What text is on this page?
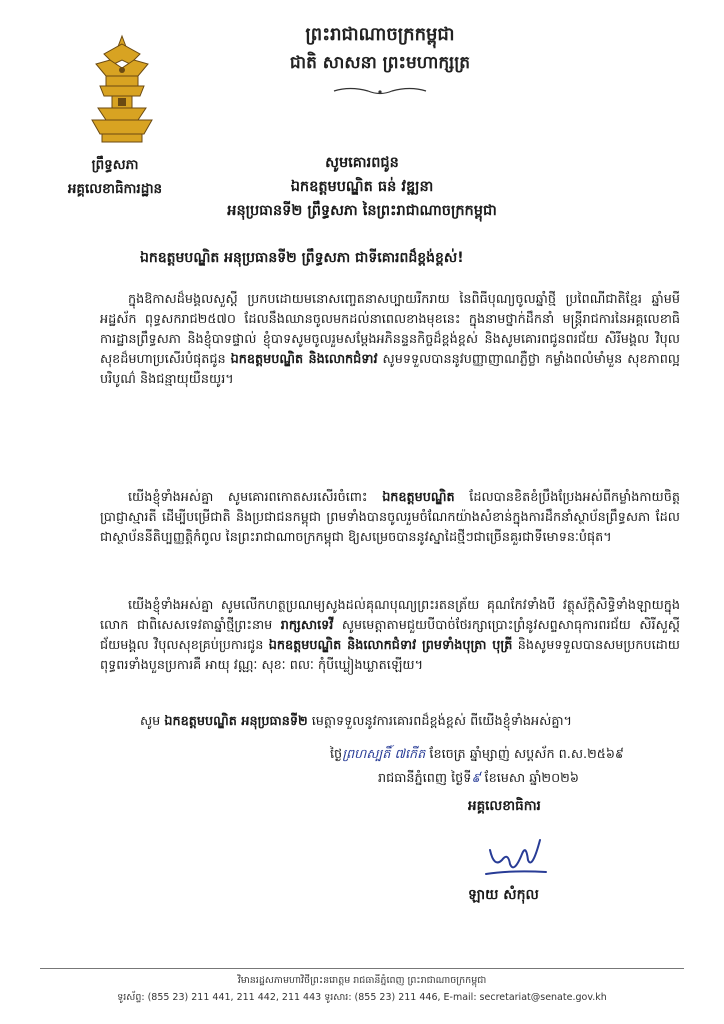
ព្រះរាជាណាចក្រកម្ពុជា
ជាតិ សាសនា ព្រះមហាក្សត្រ
ព្រឹទ្ធសភា
អគ្គលេខាធិការដ្ឋាន
សូមគោរពជូន
ឯកឧត្តមបណ្ឌិត ធន់ វឌ្ឍនា
អនុប្រធានទី២ ព្រឹទ្ធសភា នៃព្រះរាជាណាចក្រកម្ពុជា
ឯកឧត្តមបណ្ឌិត អនុប្រធានទី២ ព្រឹទ្ធសភា ជាទីគោរពដ៏ខ្ពង់ខ្ពស់!
ក្នុងឱកាសដ៏មង្គលសួស្តី ប្រកបដោយមនោសញ្ចេតនាសប្បាយរីករាយ នៃពិធីបុណ្យចូលឆ្នាំថ្មី ប្រពៃណីជាតិខ្មែរ ឆ្នាំមមី អដ្ឋស័ក ពុទ្ធសករាជ២៥៧០ ដែលនឹងឈានចូលមកដល់នាពេលខាងមុខនេះ ក្នុងនាមថ្នាក់ដឹកនាំ មន្ត្រីរាជការនៃអគ្គលេខាធិការដ្ឋានព្រឹទ្ធសភា និងខ្ញុំបាទផ្ទាល់ ខ្ញុំបាទសូមចូលរួមសម្តែងអភិនន្ទនកិច្ចដ៏ខ្ពង់ខ្ពស់ និងសូមគោរពជូនពរជ័យ សិរីមង្គល វិបុលសុខដ៏មហាប្រសើរបំផុតជូន ឯកឧត្តមបណ្ឌិត និងលោកជំទាវ សូមទទួលបាននូវបញ្ញាញាណភ្លឺថ្លា កម្លាំងពលំមាំមួន សុខភាពល្អបរិបូណ៌ និងជន្មាយុយឺនយូរ។
យើងខ្ញុំទាំងអស់គ្នា សូមគោរពកោតសរសើរចំពោះ ឯកឧត្តមបណ្ឌិត ដែលបានខិតខំប្រឹងប្រែងអស់ពីកម្លាំងកាយចិត្ត ប្រាជ្ញាស្មារតី ដើម្បីបម្រើជាតិ និងប្រជាជនកម្ពុជា ព្រមទាំងបានចូលរួមចំណែកយ៉ាងសំខាន់ក្នុងការដឹកនាំស្ថាប័នព្រឹទ្ធសភា ដែលជាស្ថាប័ននីតិប្បញ្ញត្តិកំពូល នៃព្រះរាជាណាចក្រកម្ពុជា ឱ្យសម្រេចបាននូវស្នាដៃថ្មីៗជាច្រើនគួរជាទីមោទនៈបំផុត។
យើងខ្ញុំទាំងអស់គ្នា សូមលើកហត្ថប្រណម្យសូងដល់គុណបុណ្យព្រះរតនត្រ័យ គុណកែវទាំងបី វត្ថុស័ក្តិសិទ្ធិទាំងឡាយក្នុងលោក ជាពិសេសទេវតាឆ្នាំថ្មីព្រះនាម រាក្សសាទេវី សូមមេត្តាតាមជួយបីបាច់ថែរក្សាប្រោះព្រំនូវសព្ទសាធុការពរជ័យ សិរីសួស្តី ជ័យមង្គល វិបុលសុខគ្រប់ប្រការជូន ឯកឧត្តមបណ្ឌិត និងលោកជំទាវ ព្រមទាំងបុត្រា បុត្រី និងសូមទទួលបានសមប្រកបដោយពុទ្ធពរទាំងបួនប្រការគឺ អាយុ វណ្ណៈ សុខៈ ពលៈ កុំបីឃ្លៀងឃ្លាតឡើយ។
សូម ឯកឧត្តមបណ្ឌិត អនុប្រធានទី២ មេត្តាទទួលនូវការគោរពដ៏ខ្ពង់ខ្ពស់ ពីយើងខ្ញុំទាំងអស់គ្នា។
ថ្ងៃព្រហស្បតិ៍ ៧កើត ខែចេត្រ ឆ្នាំម្សាញ់ សប្តស័ក ព.ស.២៥៦៩
រាជធានីភ្នំពេញ ថ្ងៃទី៩ ខែមេសា ឆ្នាំ២០២៦
អគ្គលេខាធិការ
ឡាយ សំកុល
វិមានរដ្ឋសភាមហាវិថីព្រះនរោត្តម រាជធានីភ្នំពេញ ព្រះរាជាណាចក្រកម្ពុជា
ទូរស័ព្ទ: (855 23) 211 441, 211 442, 211 443 ទូរសារ: (855 23) 211 446, E-mail: secretariat@senate.gov.kh
